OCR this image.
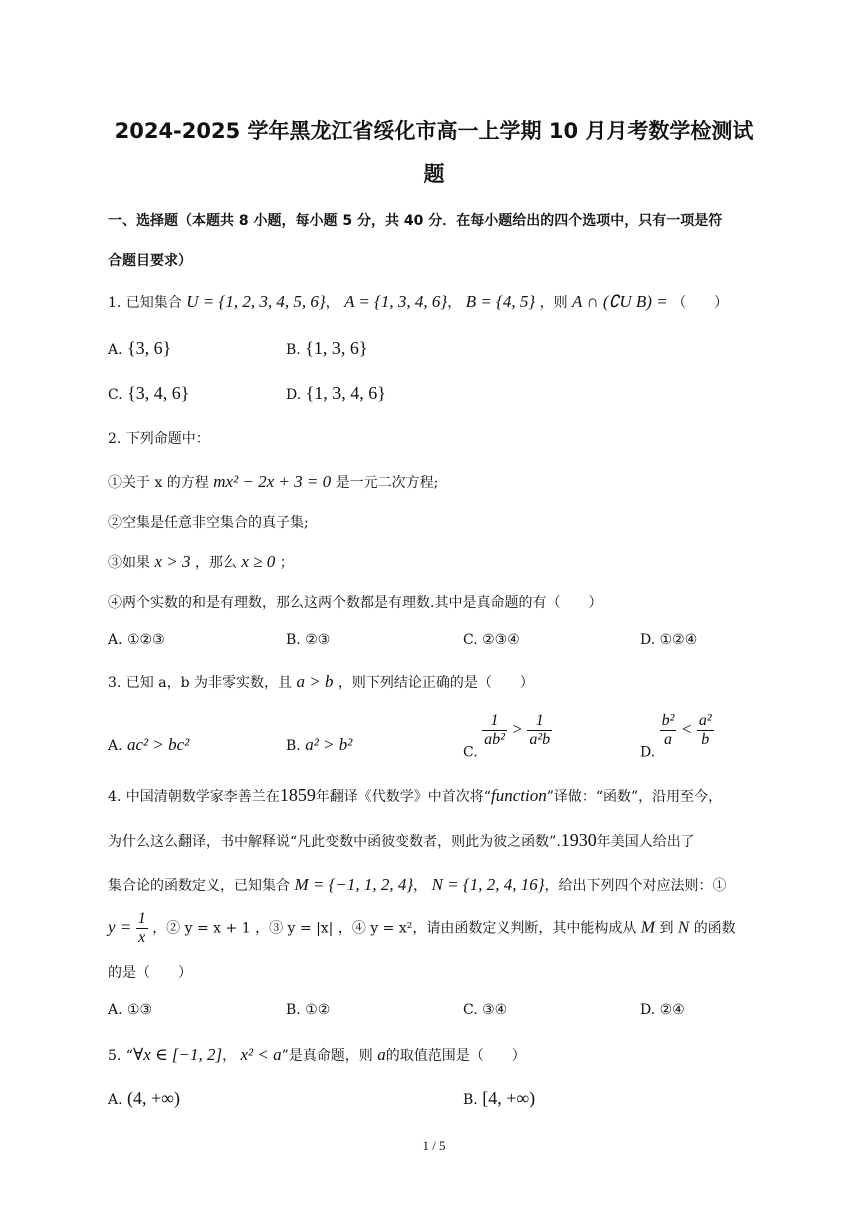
2024-2025 学年黑龙江省绥化市高一上学期 10 月月考数学检测试
题
一、选择题（本题共 8 小题，每小题 5 分，共 40 分．在每小题给出的四个选项中，只有一项是符
合题目要求）
1. 已知集合 U = {1, 2, 3, 4, 5, 6}， A = {1, 3, 4, 6}， B = {4, 5} ，则 A ∩ (∁U B) = （　　）
A. {3, 6}	B. {1, 3, 6}
C. {3, 4, 6}	D. {1, 3, 4, 6}
2. 下列命题中：
①关于 x 的方程 mx² − 2x + 3 = 0 是一元二次方程;
②空集是任意非空集合的真子集;
③如果 x > 3 ，那么 x ≥ 0 ；
④两个实数的和是有理数，那么这两个数都是有理数.其中是真命题的有（　　）
A. ①②③	B. ②③	C. ②③④	D. ①②④
3. 已知 a，b 为非零实数，且 a > b ，则下列结论正确的是（　　）
A. ac² > bc²	B. a² > b²	C.
$\frac{1}{\text{ab²}} > \frac{1}{\text{a²b}}$
D.
$\frac{\text{b²}}{a} < \frac{\text{a²}}{b}$
4. 中国清朝数学家李善兰在1859年翻译《代数学》中首次将“function”译做：“函数”，沿用至今，
为什么这么翻译，书中解释说“凡此变数中函彼变数者，则此为彼之函数”.1930年美国人给出了
集合论的函数定义，已知集合 M = {−1, 1, 2, 4}， N = {1, 2, 4, 16}，给出下列四个对应法则：①
$y = \frac{1}{x}$ ，② y = x + 1 ，③ y = |x| ，④ y = x²，请由函数定义判断，其中能构成从 M 到 N 的函数
的是（　　）
A. ①③	B. ①②	C. ③④	D. ②④
5. “∀x ∈ [−1, 2]， x² < a”是真命题，则 a的取值范围是（　　）
A. (4, +∞)	B. [4, +∞)
1 / 5
